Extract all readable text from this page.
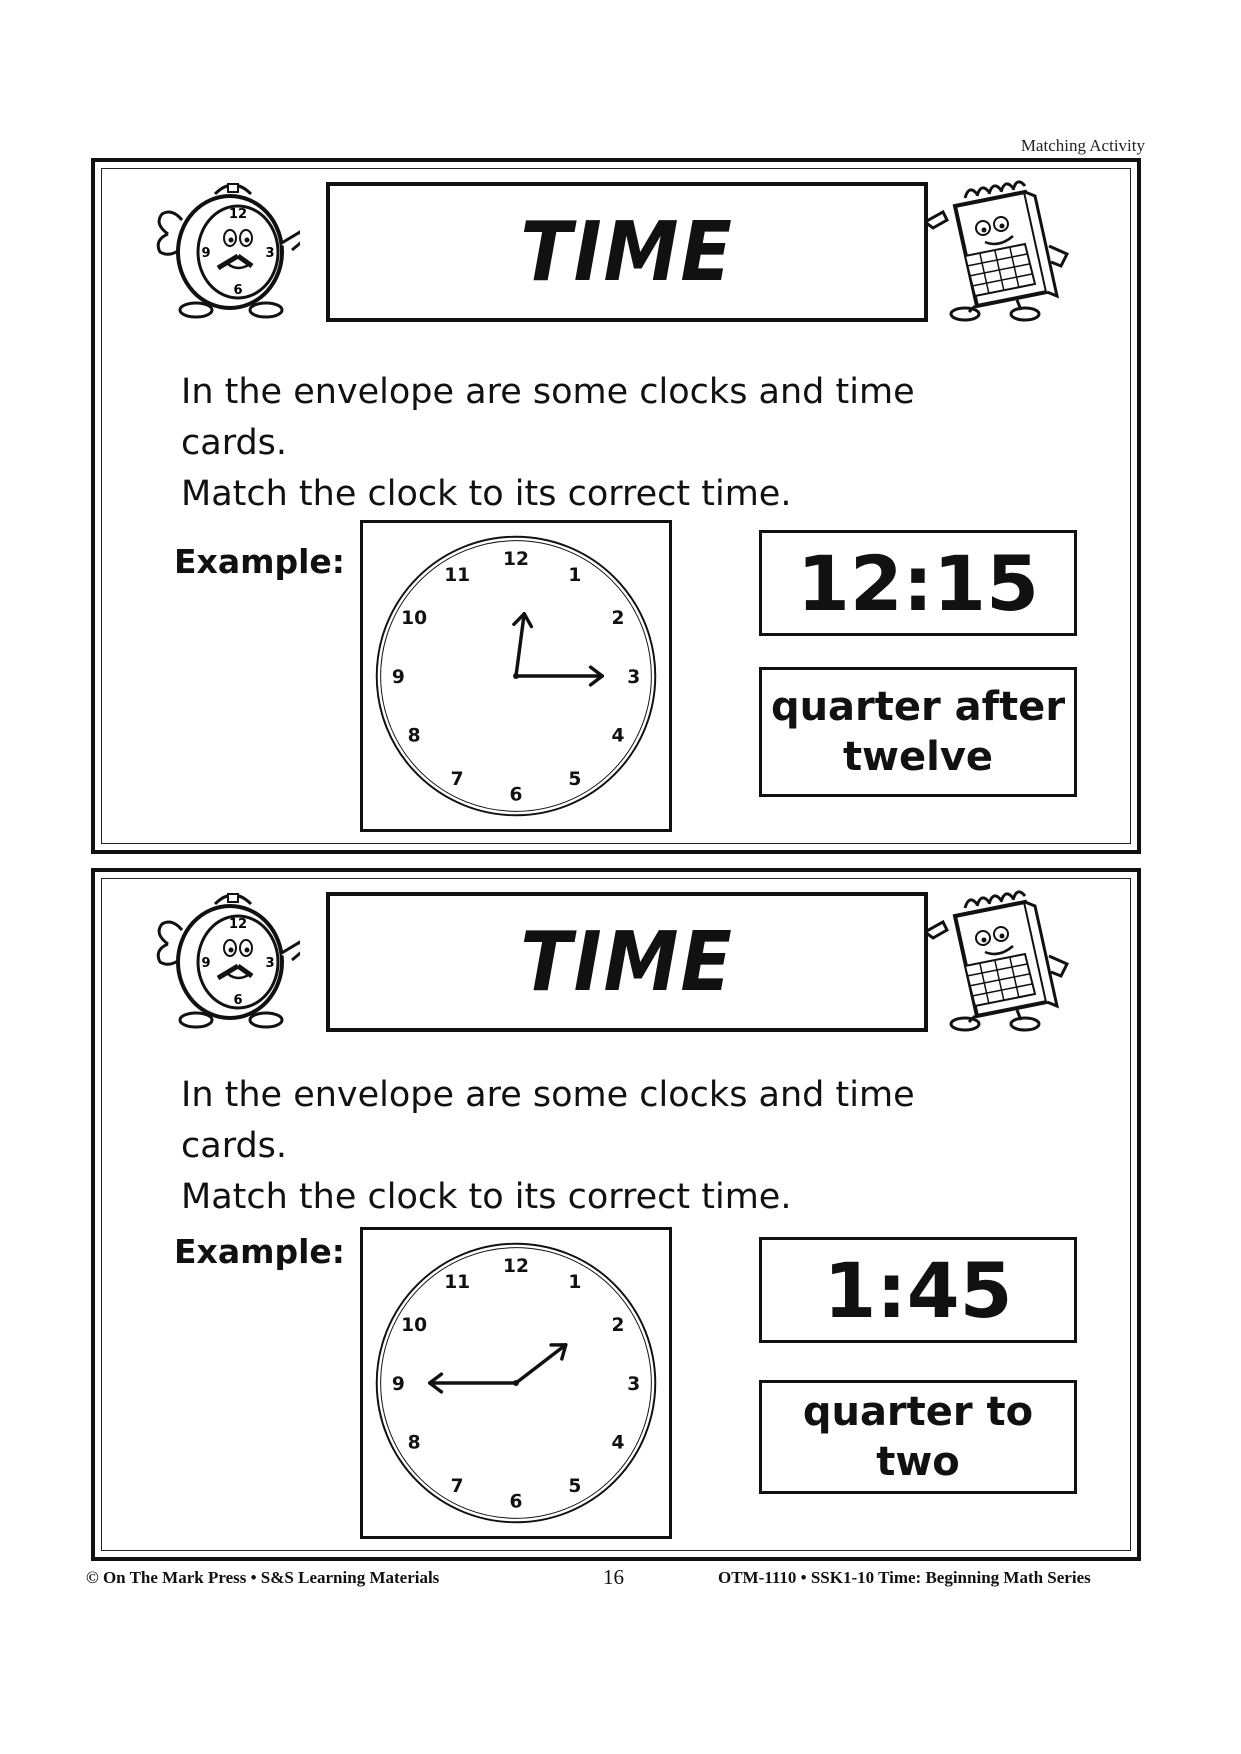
Matching Activity
12
3
6
9	TIME
In the envelope are some clocks and time
cards.
Match the clock to its correct time.
Example:	12
1
2
3
4
5
6
7
8
9
10
11	12:15
quarter after
twelve
12
3
6
9	TIME
In the envelope are some clocks and time cards.
Match the clock to its correct time.
Example:	12
1
2
3
4
5
6
7
8
9
10
11	1:45
quarter to
two
© On The Mark Press • S&S Learning Materials	16	OTM-1110 • SSK1-10 Time: Beginning Math Series
